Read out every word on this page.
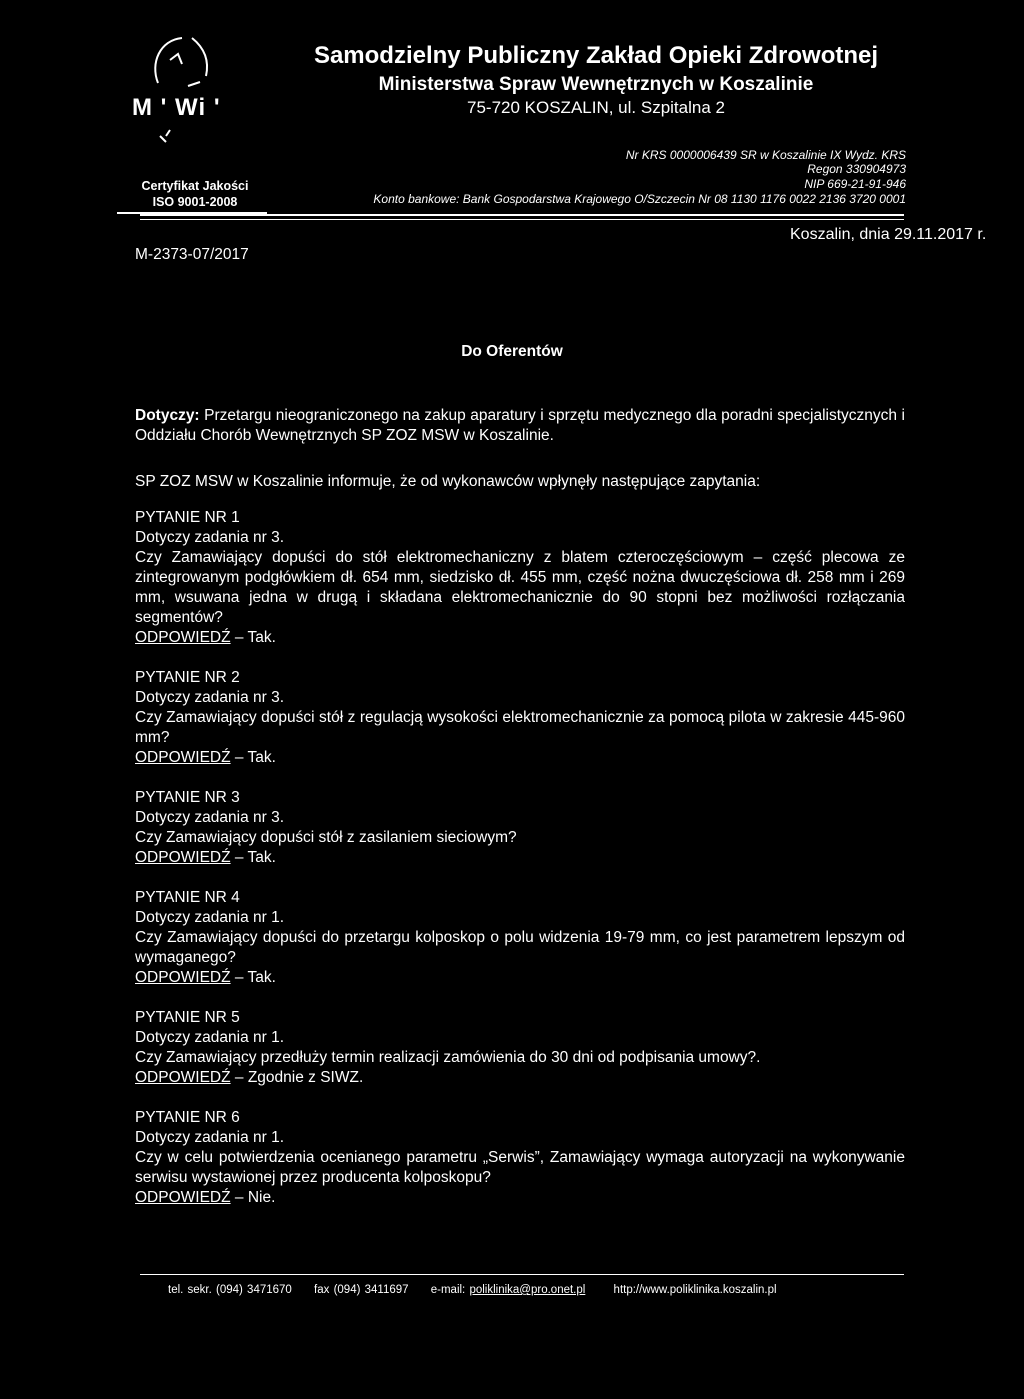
M ' Wi '
Certyfikat Jakości
ISO 9001-2008
Samodzielny Publiczny Zakład Opieki Zdrowotnej
Ministerstwa Spraw Wewnętrznych w Koszalinie
75-720 KOSZALIN, ul. Szpitalna 2
Nr KRS 0000006439 SR w Koszalinie IX Wydz. KRS
Regon 330904973
NIP 669-21-91-946
Konto bankowe: Bank Gospodarstwa Krajowego O/Szczecin Nr 08 1130 1176 0022 2136 3720 0001
M-2373-07/2017
Koszalin, dnia 29.11.2017 r.
Do Oferentów
Dotyczy: Przetargu nieograniczonego na zakup aparatury i sprzętu medycznego dla poradni specjalistycznych i Oddziału Chorób Wewnętrznych SP ZOZ MSW w Koszalinie.
SP ZOZ MSW w Koszalinie informuje, że od wykonawców wpłynęły następujące zapytania:
PYTANIE NR 1
Dotyczy zadania nr 3.
Czy Zamawiający dopuści do stół elektromechaniczny z blatem czteroczęściowym – część plecowa ze zintegrowanym podgłówkiem dł. 654 mm, siedzisko dł. 455 mm, część nożna dwuczęściowa dł. 258 mm i 269 mm, wsuwana jedna w drugą i składana elektromechanicznie do 90 stopni bez możliwości rozłączania segmentów?
ODPOWIEDŹ – Tak.
PYTANIE NR 2
Dotyczy zadania nr 3.
Czy Zamawiający dopuści stół z regulacją wysokości elektromechanicznie za pomocą pilota w zakresie 445-960 mm?
ODPOWIEDŹ – Tak.
PYTANIE NR 3
Dotyczy zadania nr 3.
Czy Zamawiający dopuści stół z zasilaniem sieciowym?
ODPOWIEDŹ – Tak.
PYTANIE NR 4
Dotyczy zadania nr 1.
Czy Zamawiający dopuści do przetargu kolposkop o polu widzenia 19-79 mm, co jest parametrem lepszym od wymaganego?
ODPOWIEDŹ – Tak.
PYTANIE NR 5
Dotyczy zadania nr 1.
Czy Zamawiający przedłuży termin realizacji zamówienia do 30 dni od podpisania umowy?.
ODPOWIEDŹ – Zgodnie z SIWZ.
PYTANIE NR 6
Dotyczy zadania nr 1.
Czy w celu potwierdzenia ocenianego parametru „Serwis”, Zamawiający wymaga autoryzacji na wykonywanie serwisu wystawionej przez producenta kolposkopu?
ODPOWIEDŹ – Nie.
tel. sekr. (094) 3471670 fax (094) 3411697 e-mail: poliklinika@pro.onet.pl http://www.poliklinika.koszalin.pl
